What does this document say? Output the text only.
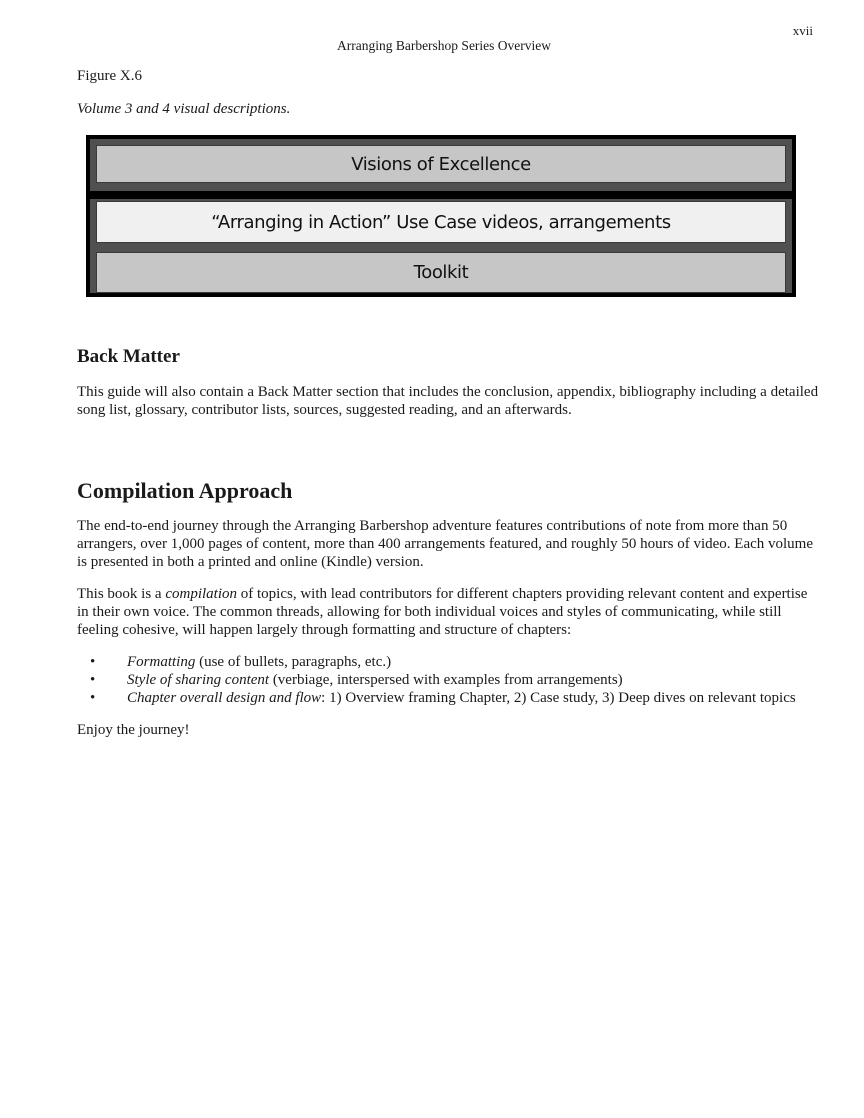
xvii
Arranging Barbershop Series Overview
Figure X.6
Volume 3 and 4 visual descriptions.
Visions of Excellence
“Arranging in Action” Use Case videos, arrangements
Toolkit
Back Matter

This guide will also contain a Back Matter section that includes the conclusion, appendix, bibliography including a detailed song list, glossary, contributor lists, sources, suggested reading, and an afterwards.

Compilation Approach

The end-to-end journey through the Arranging Barbershop adventure features contributions of note from more than 50 arrangers, over 1,000 pages of content, more than 400 arrangements featured, and roughly 50 hours of video. Each volume is presented in both a printed and online (Kindle) version.

This book is a compilation of topics, with lead contributors for different chapters providing relevant content and expertise in their own voice. The common threads, allowing for both individual voices and styles of communicating, while still feeling cohesive, will happen largely through formatting and structure of chapters:

• Formatting (use of bullets, paragraphs, etc.)
• Style of sharing content (verbiage, interspersed with examples from arrangements)
• Chapter overall design and flow: 1) Overview framing Chapter, 2) Case study, 3) Deep dives on relevant topics

Enjoy the journey!
